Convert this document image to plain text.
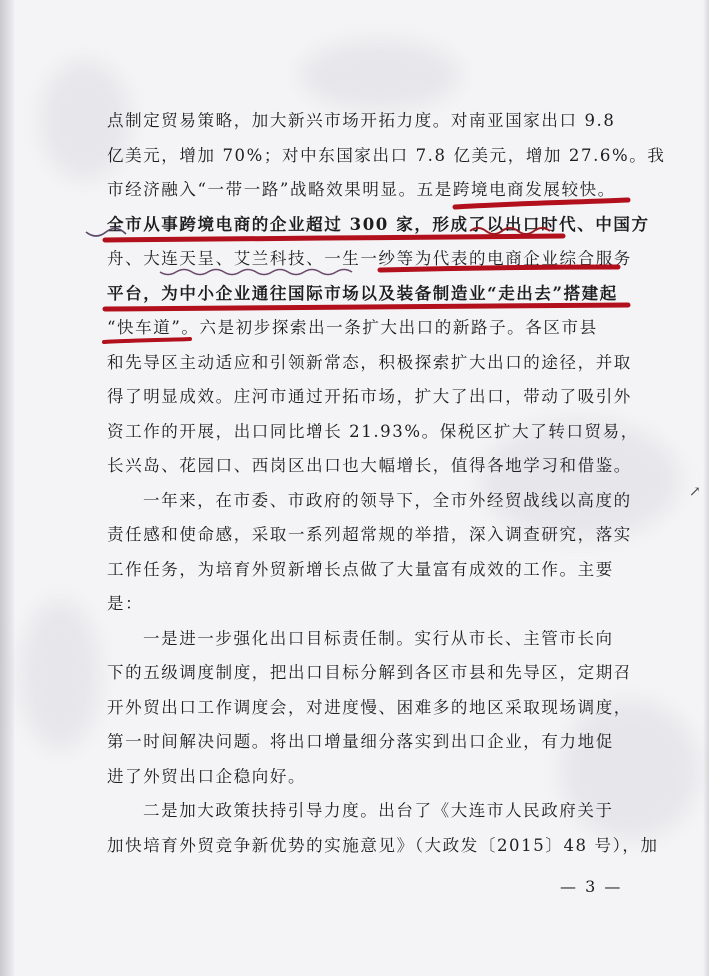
点制定贸易策略，加大新兴市场开拓力度。对南亚国家出口 9.8
亿美元，增加 70%；对中东国家出口 7.8 亿美元，增加 27.6%。我
市经济融入“一带一路”战略效果明显。五是跨境电商发展较快。
全市从事跨境电商的企业超过 300 家，形成了以出口时代、中国方
舟、大连天呈、艾兰科技、一生一纱等为代表的电商企业综合服务
平台，为中小企业通往国际市场以及装备制造业“走出去”搭建起
“快车道”。六是初步探索出一条扩大出口的新路子。各区市县
和先导区主动适应和引领新常态，积极探索扩大出口的途径，并取
得了明显成效。庄河市通过开拓市场，扩大了出口，带动了吸引外
资工作的开展，出口同比增长 21.93%。保税区扩大了转口贸易，
长兴岛、花园口、西岗区出口也大幅增长，值得各地学习和借鉴。
一年来，在市委、市政府的领导下，全市外经贸战线以高度的
责任感和使命感，采取一系列超常规的举措，深入调查研究，落实
工作任务，为培育外贸新增长点做了大量富有成效的工作。主要
是：
一是进一步强化出口目标责任制。实行从市长、主管市长向
下的五级调度制度，把出口目标分解到各区市县和先导区，定期召
开外贸出口工作调度会，对进度慢、困难多的地区采取现场调度，
第一时间解决问题。将出口增量细分落实到出口企业，有力地促
进了外贸出口企稳向好。
二是加大政策扶持引导力度。出台了《大连市人民政府关于
加快培育外贸竞争新优势的实施意见》（大政发〔2015〕48 号），加
↗
— 3 —
